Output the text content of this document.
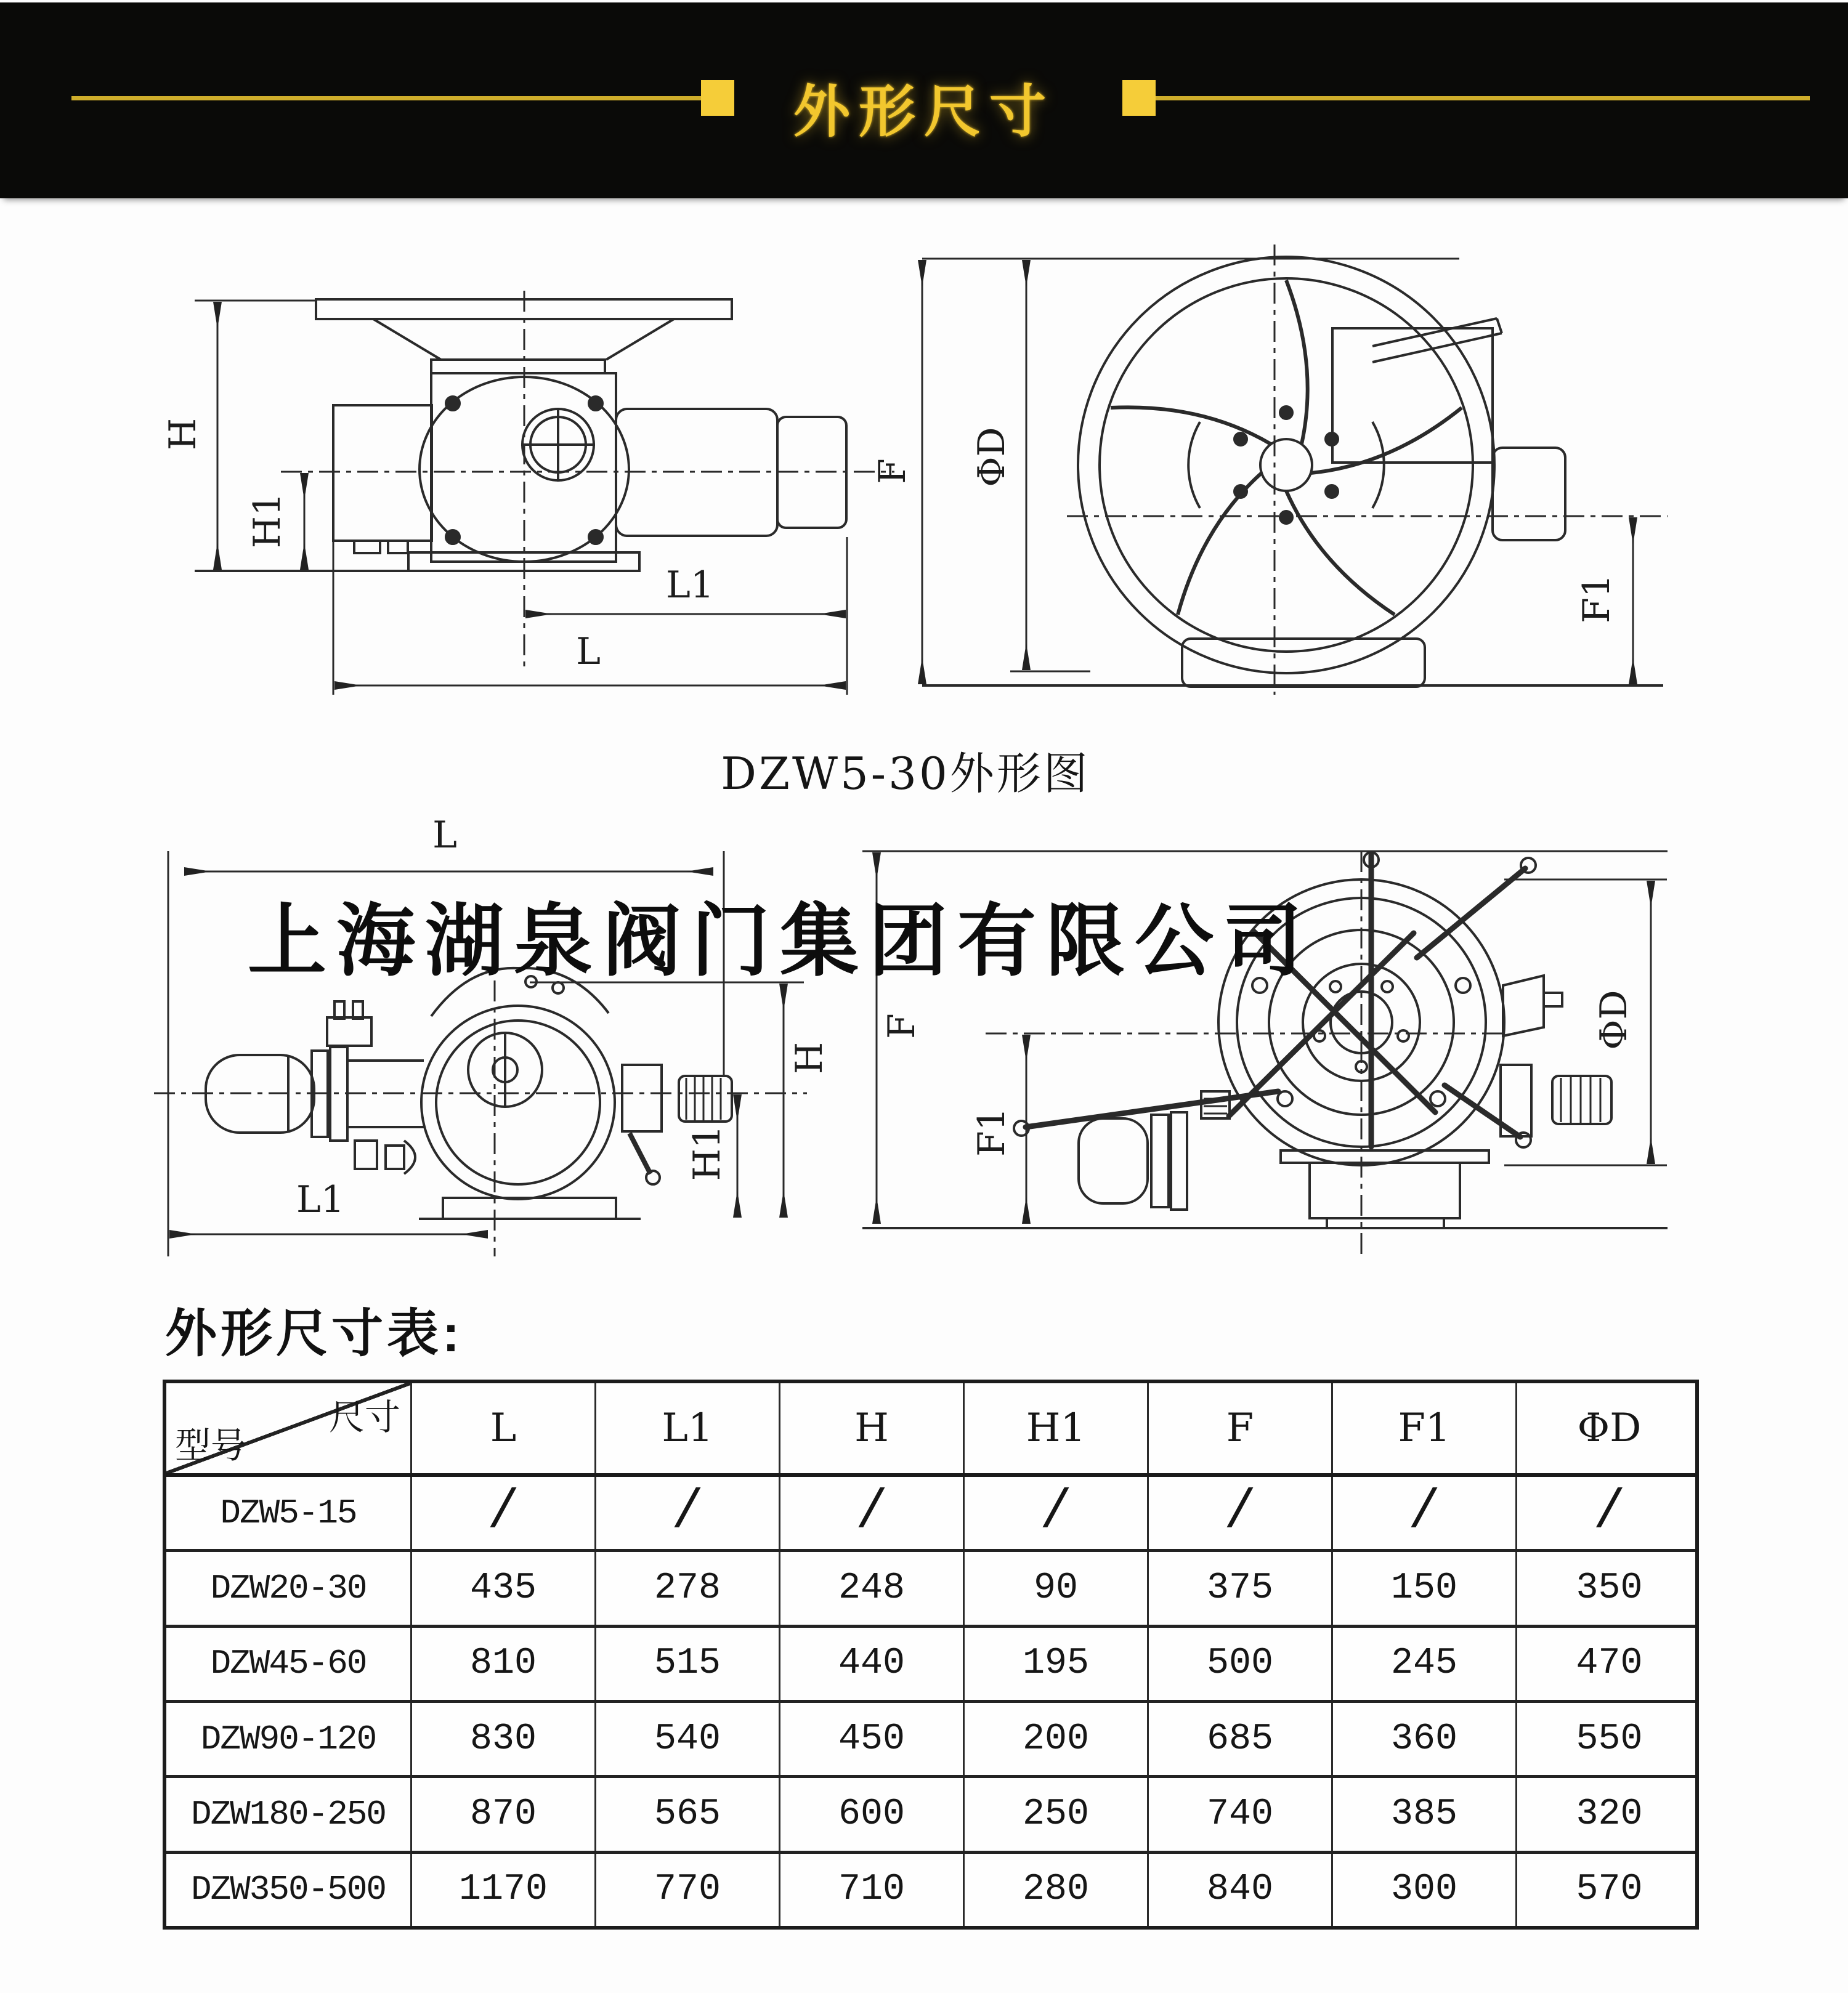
外形尺寸
H
H1
L1
L
F ΦD
F1
DZW5-30外形图
L
L1
H
H1
F
F1
ΦD
上海湖泉阀门集团有限公司
外形尺寸表:
尺寸
型号	L	L1	H	H1	F	F1	ΦD
DZW5-15	/	/	/	/	/	/	/
DZW20-30	435	278	248	90	375	150	350
DZW45-60	810	515	440	195	500	245	470
DZW90-120	830	540	450	200	685	360	550
DZW180-250	870	565	600	250	740	385	320
DZW350-500	1170	770	710	280	840	300	570
